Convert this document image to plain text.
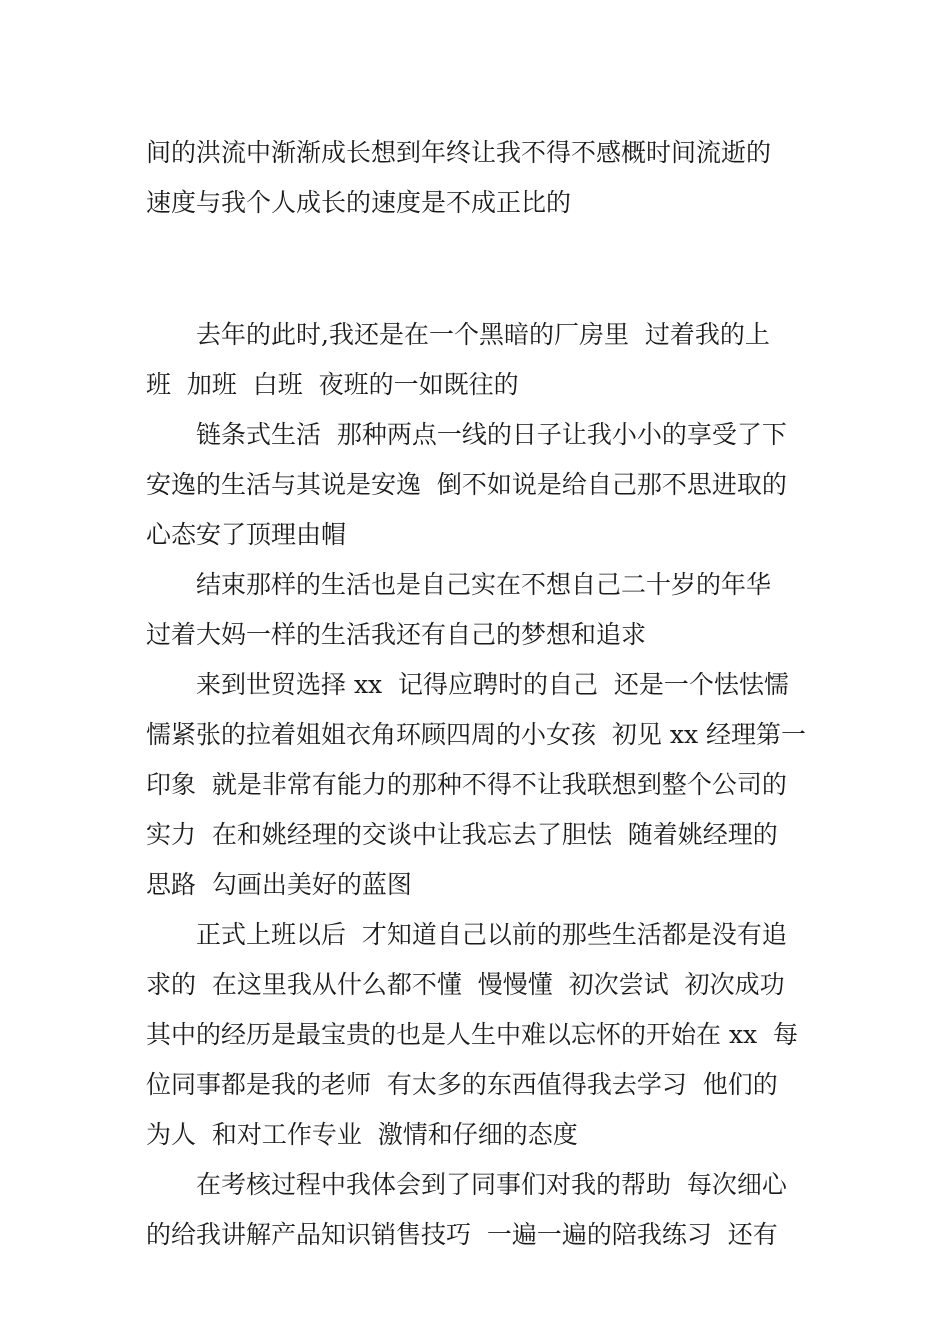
间的洪流中渐渐成长想到年终让我不得不感概时间流逝的
速度与我个人成长的速度是不成正比的
　　去年的此时,我还是在一个黑暗的厂房里  过着我的上
班  加班  白班  夜班的一如既往的
　　链条式生活  那种两点一线的日子让我小小的享受了下
安逸的生活与其说是安逸  倒不如说是给自己那不思进取的
心态安了顶理由帽
　　结束那样的生活也是自己实在不想自己二十岁的年华
过着大妈一样的生活我还有自己的梦想和追求
　　来到世贸选择 xx  记得应聘时的自己  还是一个怯怯懦
懦紧张的拉着姐姐衣角环顾四周的小女孩  初见 xx 经理第一
印象  就是非常有能力的那种不得不让我联想到整个公司的
实力  在和姚经理的交谈中让我忘去了胆怯  随着姚经理的
思路  勾画出美好的蓝图
　　正式上班以后  才知道自己以前的那些生活都是没有追
求的  在这里我从什么都不懂  慢慢懂  初次尝试  初次成功
其中的经历是最宝贵的也是人生中难以忘怀的开始在 xx  每
位同事都是我的老师  有太多的东西值得我去学习  他们的
为人  和对工作专业  激情和仔细的态度
　　在考核过程中我体会到了同事们对我的帮助  每次细心
的给我讲解产品知识销售技巧  一遍一遍的陪我练习  还有
